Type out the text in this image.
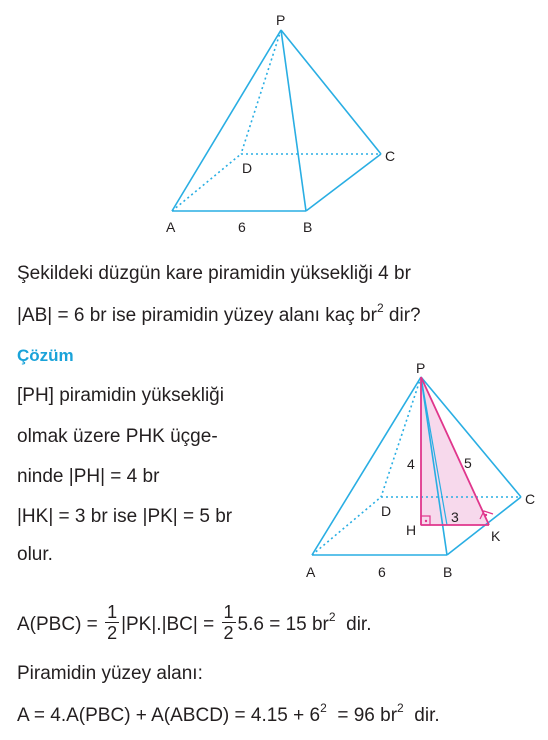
P
D
C
A	6	B
Şekildeki düzgün kare piramidin yüksekliği 4 br
|AB| = 6 br ise piramidin yüzey alanı kaç $br^2$ dir?
Çözüm
[PH] piramidin yüksekliği
olmak üzere PHK üçge-
ninde |PH| = 4 br
|HK| = 3 br ise |PK| = 5 br
olur.
P
4	5
D	3
C
H	K
A	6	B
$A(PBC) = \frac{1}{2} |PK|.|BC| = \frac{1}{2} 5.6 = 15$ $br^2$ dir.
Piramidin yüzey alanı:
A = 4.A(PBC) + A(ABCD) = $4.15 + 6^2 = 96$ $br^2$  dir.
